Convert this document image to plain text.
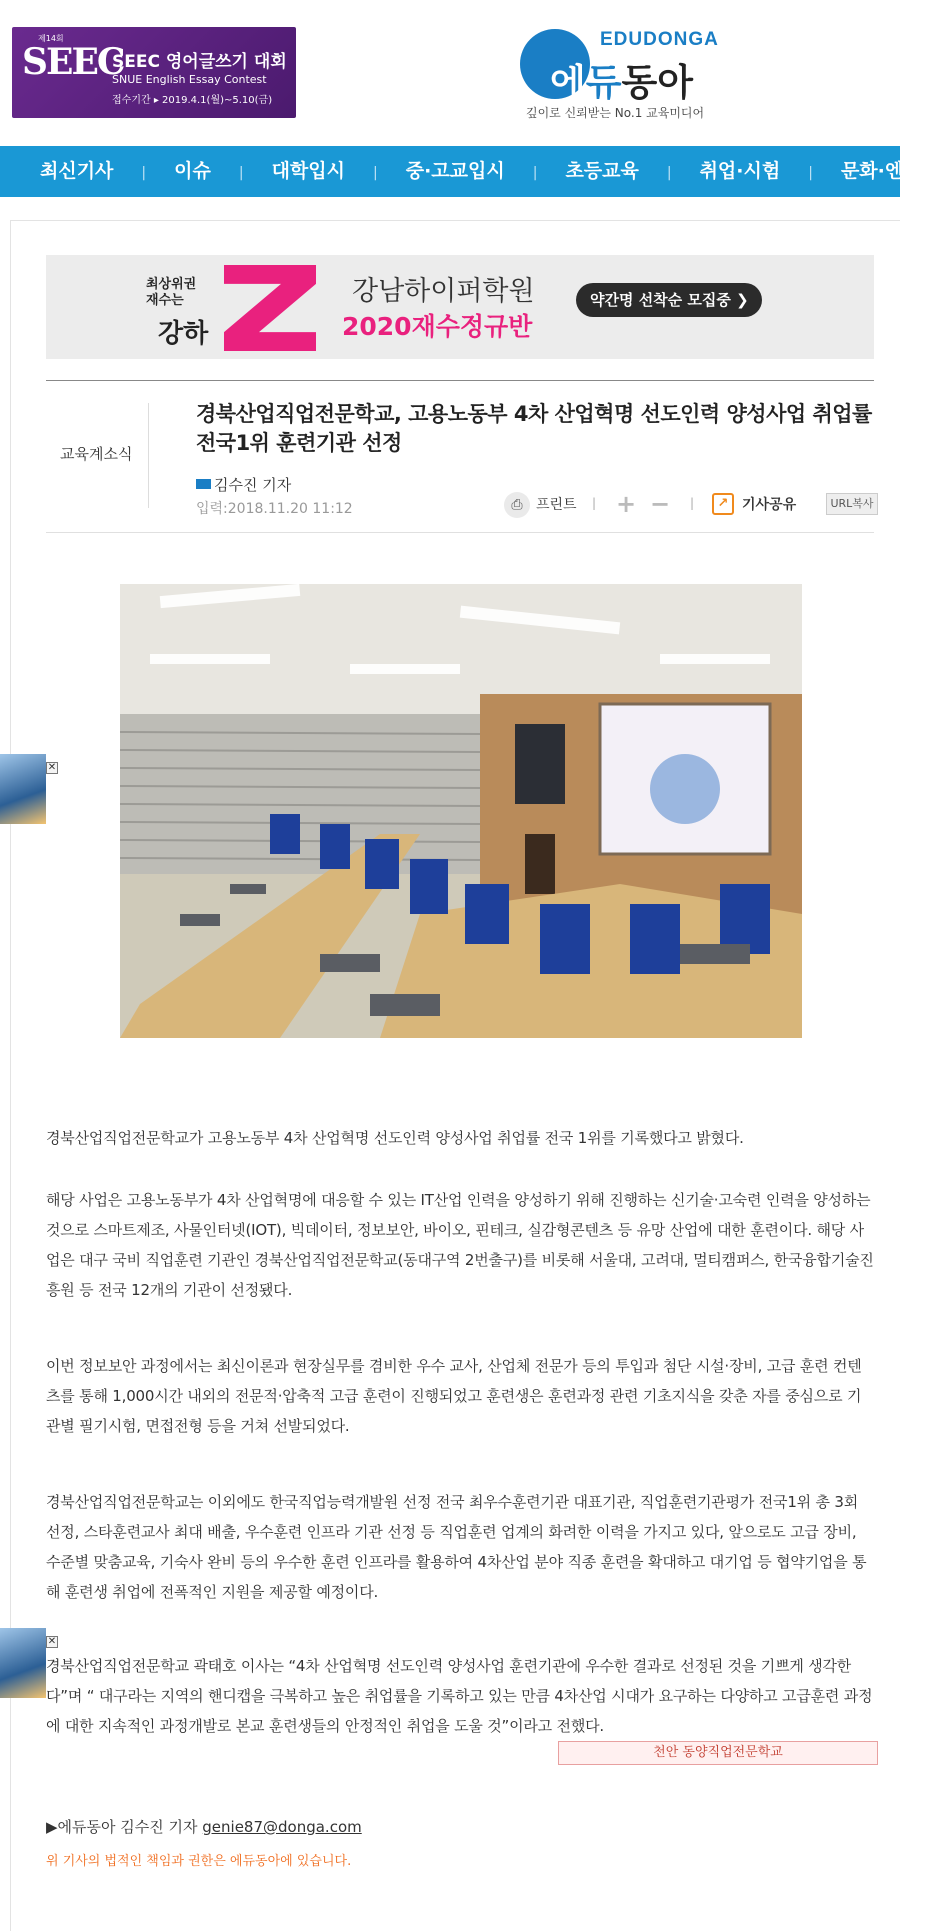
제14회
SEEC
SEEC 영어글쓰기 대회
SNUE English Essay Contest
접수기간 ▸ 2019.4.1(월)~5.10(금)
EDUDONGA
에듀동아
깊이로 신뢰받는 No.1 교육미디어
최신기사 | 이슈 | 대학입시 | 중·고교입시 | 초등교육 | 취업·시험 | 문화·엔터
최상위권
재수는
강하
강남하이퍼학원
2020재수정규반
약간명 선착순 모집중 ❯
교육계소식
경북산업직업전문학교, 고용노동부 4차 산업혁명 선도인력 양성사업 취업률 전국1위 훈련기관 선정
김수진 기자
입력:2018.11.20 11:12	⎙ 프린트 | + − |	↗ 기사공유	URL복사
✕
✕

경북산업직업전문학교가 고용노동부 4차 산업혁명 선도인력 양성사업 취업률 전국 1위를 기록했다고 밝혔다.

해당 사업은 고용노동부가 4차 산업혁명에 대응할 수 있는 IT산업 인력을 양성하기 위해 진행하는 신기술·고숙련 인력을 양성하는 것으로 스마트제조, 사물인터넷(IOT), 빅데이터, 정보보안, 바이오, 핀테크, 실감형콘텐츠 등 유망 산업에 대한 훈련이다. 해당 사업은 대구 국비 직업훈련 기관인 경북산업직업전문학교(동대구역 2번출구)를 비롯해 서울대, 고려대, 멀티캠퍼스, 한국융합기술진흥원 등 전국 12개의 기관이 선정됐다.

이번 정보보안 과정에서는 최신이론과 현장실무를 겸비한 우수 교사, 산업체 전문가 등의 투입과 첨단 시설·장비, 고급 훈련 컨텐츠를 통해 1,000시간 내외의 전문적·압축적 고급 훈련이 진행되었고 훈련생은 훈련과정 관련 기초지식을 갖춘 자를 중심으로 기관별 필기시험, 면접전형 등을 거쳐 선발되었다.

경북산업직업전문학교는 이외에도 한국직업능력개발원 선정 전국 최우수훈련기관 대표기관, 직업훈련기관평가 전국1위 총 3회 선정, 스타훈련교사 최대 배출, 우수훈련 인프라 기관 선정 등 직업훈련 업계의 화려한 이력을 가지고 있다, 앞으로도 고급 장비, 수준별 맞춤교육, 기숙사 완비 등의 우수한 훈련 인프라를 활용하여 4차산업 분야 직종 훈련을 확대하고 대기업 등 협약기업을 통해 훈련생 취업에 전폭적인 지원을 제공할 예정이다.

경북산업직업전문학교 곽태호 이사는 “4차 산업혁명 선도인력 양성사업 훈련기관에 우수한 결과로 선정된 것을 기쁘게 생각한다”며 “ 대구라는 지역의 핸디캡을 극복하고 높은 취업률을 기록하고 있는 만큼 4차산업 시대가 요구하는 다양하고 고급훈련 과정에 대한 지속적인 과정개발로 본교 훈련생들의 안정적인 취업을 도울 것”이라고 전했다.

천안 동양직업전문학교
▶에듀동아 김수진 기자 genie87@donga.com
위 기사의 법적인 책임과 권한은 에듀동아에 있습니다.
